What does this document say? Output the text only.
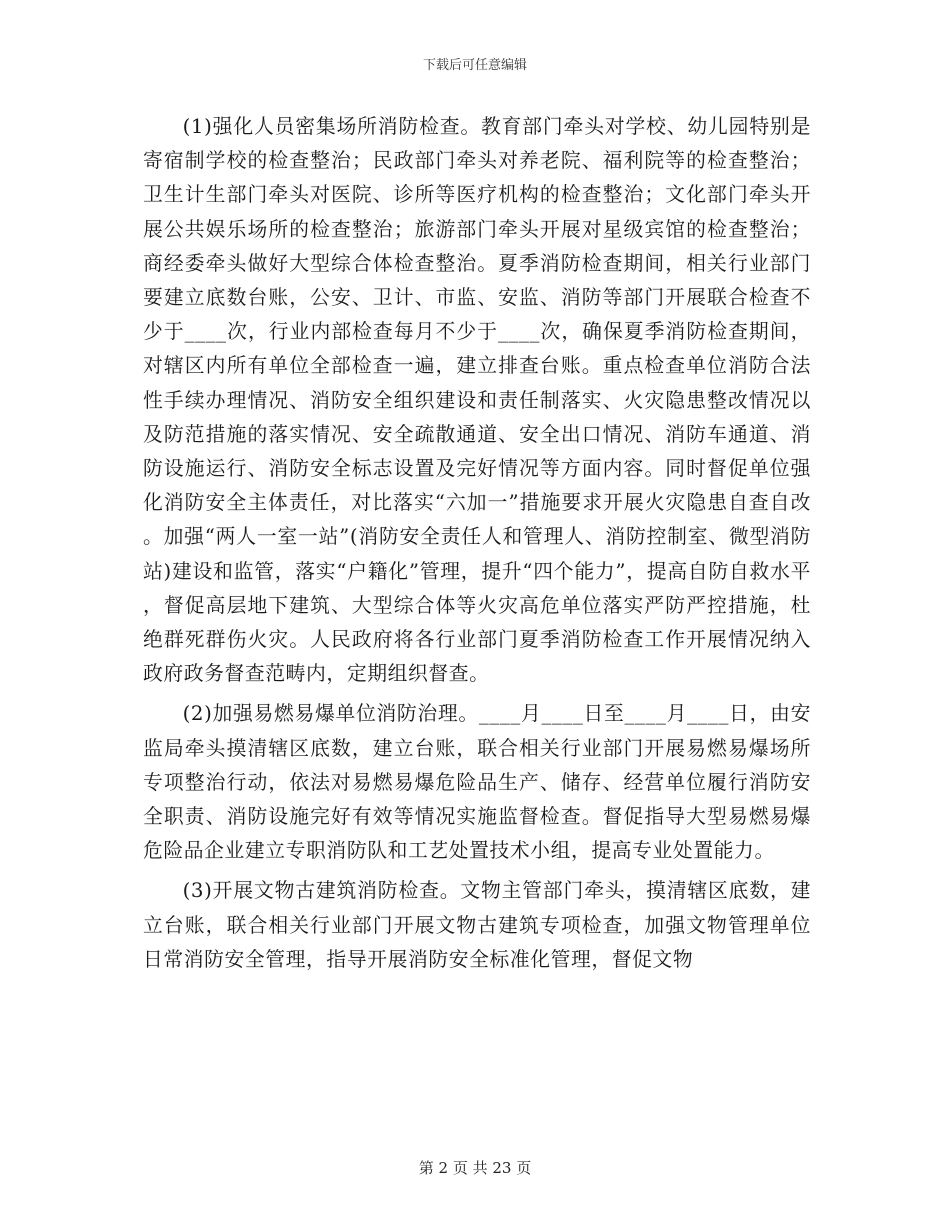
下载后可任意编辑

(1)强化人员密集场所消防检查。教育部门牵头对学校、幼儿园特别是寄宿制学校的检查整治；民政部门牵头对养老院、福利院等的检查整治；卫生计生部门牵头对医院、诊所等医疗机构的检查整治；文化部门牵头开展公共娱乐场所的检查整治；旅游部门牵头开展对星级宾馆的检查整治；商经委牵头做好大型综合体检查整治。夏季消防检查期间，相关行业部门要建立底数台账，公安、卫计、市监、安监、消防等部门开展联合检查不少于____次，行业内部检查每月不少于____次，确保夏季消防检查期间，对辖区内所有单位全部检查一遍，建立排查台账。重点检查单位消防合法性手续办理情况、消防安全组织建设和责任制落实、火灾隐患整改情况以及防范措施的落实情况、安全疏散通道、安全出口情况、消防车通道、消防设施运行、消防安全标志设置及完好情况等方面内容。同时督促单位强化消防安全主体责任，对比落实“六加一”措施要求开展火灾隐患自查自改。加强“两人一室一站”(消防安全责任人和管理人、消防控制室、微型消防站)建设和监管，落实“户籍化”管理，提升“四个能力”，提高自防自救水平，督促高层地下建筑、大型综合体等火灾高危单位落实严防严控措施，杜绝群死群伤火灾。人民政府将各行业部门夏季消防检查工作开展情况纳入政府政务督查范畴内，定期组织督查。

(2)加强易燃易爆单位消防治理。____月____日至____月____日，由安监局牵头摸清辖区底数，建立台账，联合相关行业部门开展易燃易爆场所专项整治行动，依法对易燃易爆危险品生产、储存、经营单位履行消防安全职责、消防设施完好有效等情况实施监督检查。督促指导大型易燃易爆危险品企业建立专职消防队和工艺处置技术小组，提高专业处置能力。

(3)开展文物古建筑消防检查。文物主管部门牵头，摸清辖区底数，建立台账，联合相关行业部门开展文物古建筑专项检查，加强文物管理单位日常消防安全管理，指导开展消防安全标准化管理，督促文物

第 2 页 共 23 页
